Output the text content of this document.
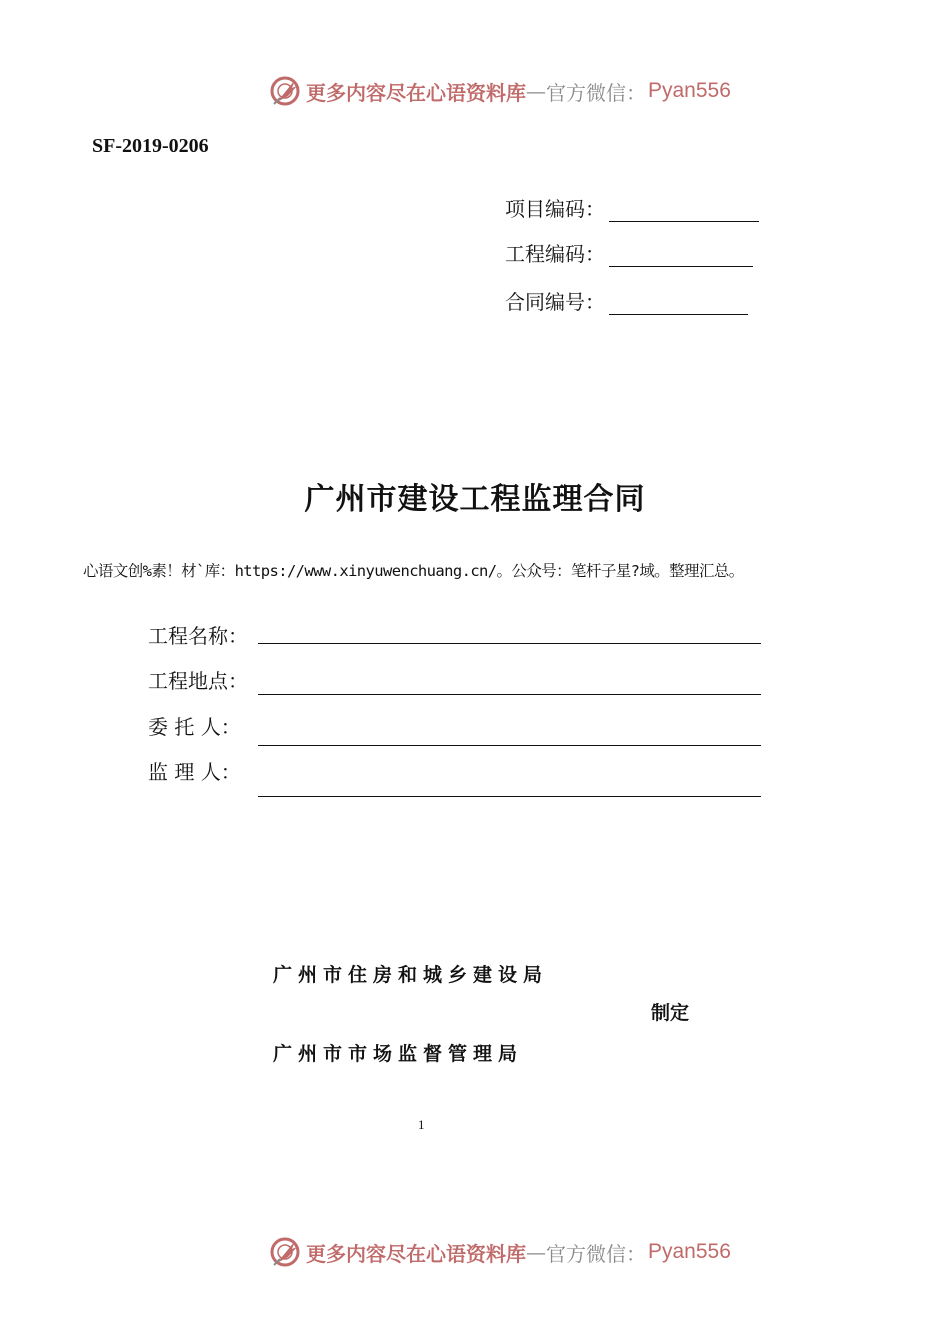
更多内容尽在心语资料库 — 官方微信： Pyan556
SF-2019-0206
项目编码：
工程编码：
合同编号：
广州市建设工程监理合同
心语文创%素！材`库：https://www.xinyuwenchuang.cn/。公众号：笔杆子星?域。整理汇总。
工程名称：
工程地点：
委 托 人：
监 理 人：
广州市住房和城乡建设局
制定
广州市市场监督管理局
1
更多内容尽在心语资料库 — 官方微信： Pyan556
